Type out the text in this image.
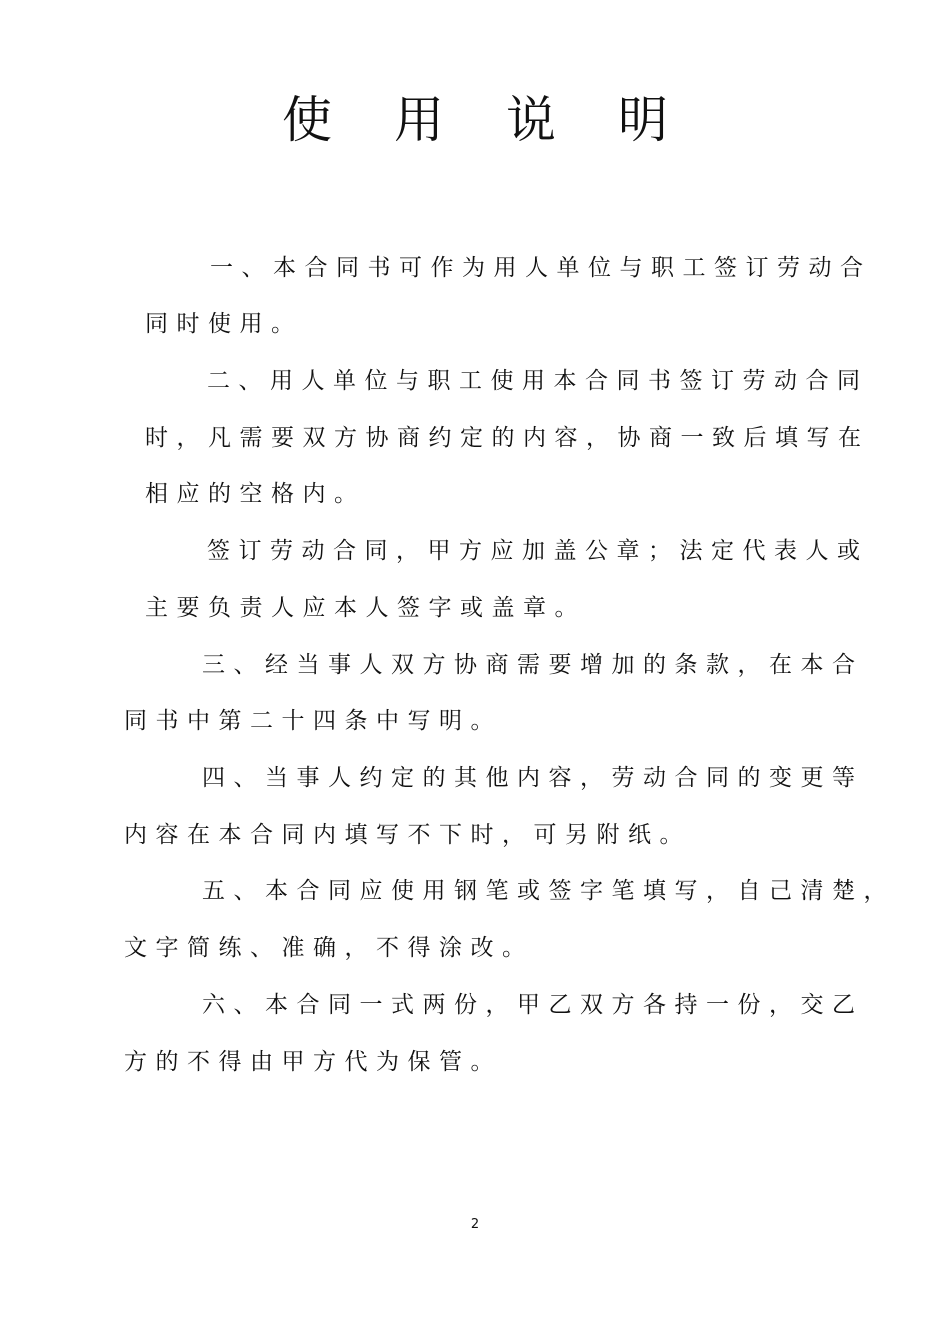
使用说明
一、本合同书可作为用人单位与职工签订劳动合
同时使用。
二、用人单位与职工使用本合同书签订劳动合同
时，凡需要双方协商约定的内容，协商一致后填写在
相应的空格内。
签订劳动合同，甲方应加盖公章；法定代表人或
主要负责人应本人签字或盖章。
三、经当事人双方协商需要增加的条款，在本合
同书中第二十四条中写明。
四、当事人约定的其他内容，劳动合同的变更等
内容在本合同内填写不下时，可另附纸。
五、本合同应使用钢笔或签字笔填写，自己清楚，
文字简练、准确，不得涂改。
六、本合同一式两份，甲乙双方各持一份，交乙
方的不得由甲方代为保管。
2
